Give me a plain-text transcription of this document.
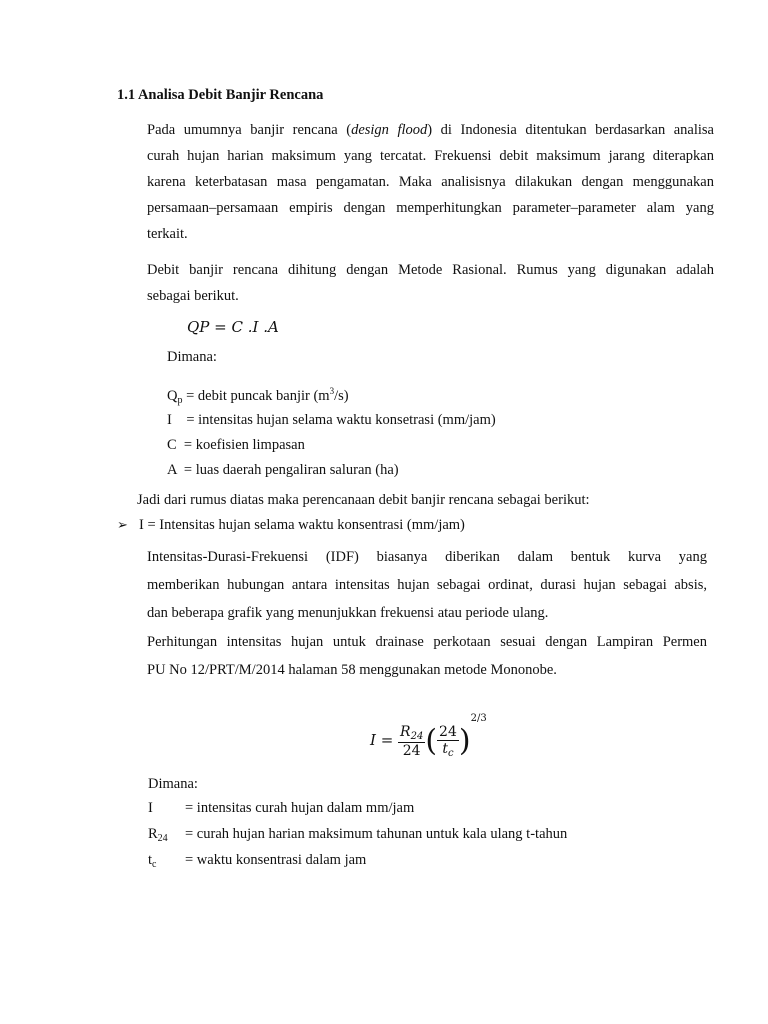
1.1 Analisa Debit Banjir Rencana
Pada umumnya banjir rencana (design flood) di Indonesia ditentukan berdasarkan analisa
curah hujan harian maksimum yang tercatat. Frekuensi debit maksimum jarang diterapkan
karena keterbatasan masa pengamatan. Maka analisisnya dilakukan dengan menggunakan
persamaan–persamaan empiris dengan memperhitungkan parameter–parameter alam yang
terkait.
Debit banjir rencana dihitung dengan Metode Rasional. Rumus yang digunakan adalah
sebagai berikut.
QP = C .I .A
Dimana:
$Q_p$ = debit puncak banjir $(m^3/s)$
I    = intensitas hujan selama waktu konsetrasi (mm/jam)
C  = koefisien limpasan
A  = luas daerah pengaliran saluran (ha)
Jadi dari rumus diatas maka perencanaan debit banjir rencana sebagai berikut:
➢ I = Intensitas hujan selama waktu konsentrasi (mm/jam)
Intensitas-Durasi-Frekuensi (IDF) biasanya diberikan dalam bentuk kurva yang
memberikan hubungan antara intensitas hujan sebagai ordinat, durasi hujan sebagai absis,
dan beberapa grafik yang menunjukkan frekuensi atau periode ulang.
Perhitungan intensitas hujan untuk drainase perkotaan sesuai dengan Lampiran Permen
PU No 12/PRT/M/2014 halaman 58 menggunakan metode Mononobe.
$I = \frac{R_{24}}{24}$ ( $\frac{24}{t_c} )^{2/3}$
Dimana:
I = intensitas curah hujan dalam mm/jam
$R_{24}$ = curah hujan harian maksimum tahunan untuk kala ulang t-tahun
$t_c$ = waktu konsentrasi dalam jam
